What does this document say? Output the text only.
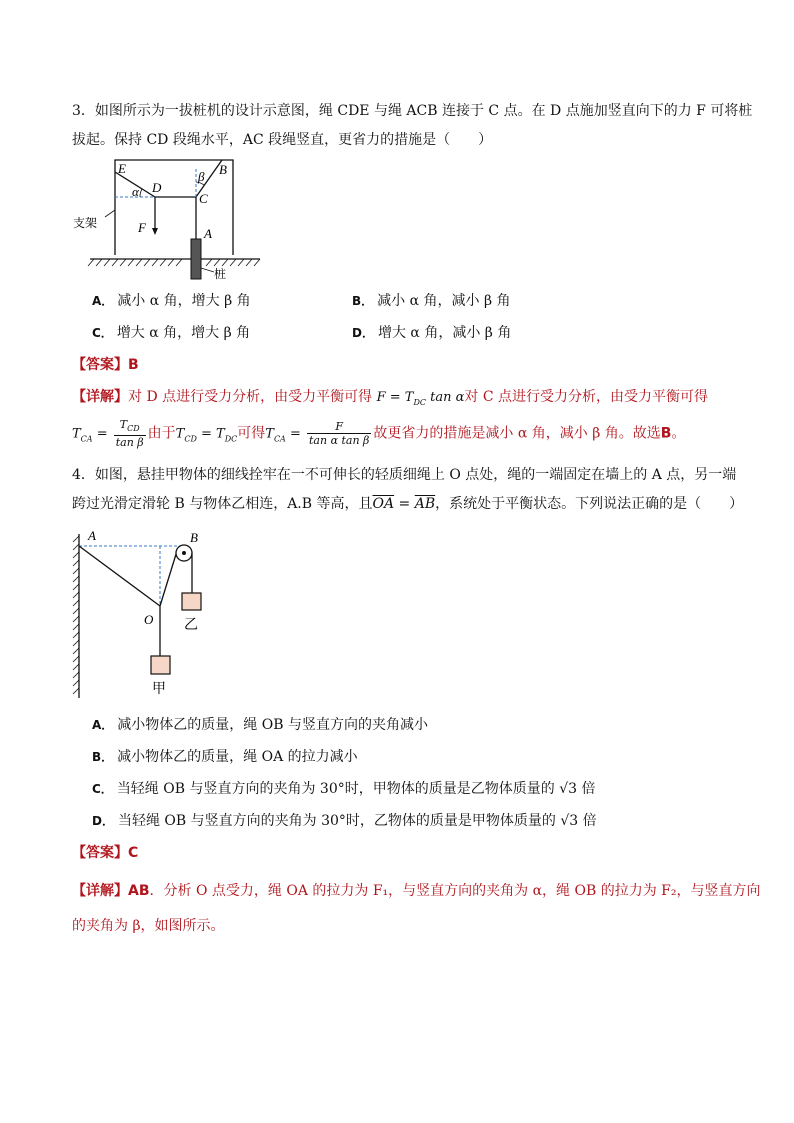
3．如图所示为一拔桩机的设计示意图，绳 CDE 与绳 ACB 连接于 C 点。在 D 点施加竖直向下的力 F 可将桩
拔起。保持 CD 段绳水平，AC 段绳竖直，更省力的措施是（　　）
E
D
α
β B
C
F	A
支架
桩
A． 减小 α 角，增大 β 角	B． 减小 α 角，减小 β 角
C． 增大 α 角，增大 β 角	D． 增大 α 角，减小 β 角
【答案】B
【详解】对 D 点进行受力分析，由受力平衡可得 $F = T_{DC}$ tan α对 C 点进行受力分析，由受力平衡可得
$T_{CA} = \frac{T_{CD}}{\text{tan β}}$ 由于$T_{CD} = T_{DC}$可得$T_{CA} = \frac{F}{\text{tan α tan β}}$ 故更省力的措施是减小 α 角，减小 β 角。故选B。
4．如图，悬挂甲物体的细线拴牢在一不可伸长的轻质细绳上 O 点处，绳的一端固定在墙上的 A 点，另一端
跨过光滑定滑轮 B 与物体乙相连，A.B 等高，且$\overline{OA} = \overline{AB}$，系统处于平衡状态。下列说法正确的是（　　）
A	B
O 乙
甲
A． 减小物体乙的质量，绳 OB 与竖直方向的夹角减小
B． 减小物体乙的质量，绳 OA 的拉力减小
C． 当轻绳 OB 与竖直方向的夹角为 30°时，甲物体的质量是乙物体质量的 √3 倍
D． 当轻绳 OB 与竖直方向的夹角为 30°时，乙物体的质量是甲物体质量的 √3 倍
【答案】C
【详解】AB．分析 O 点受力，绳 OA 的拉力为 F₁，与竖直方向的夹角为 α，绳 OB 的拉力为 F₂，与竖直方向
的夹角为 β，如图所示。
